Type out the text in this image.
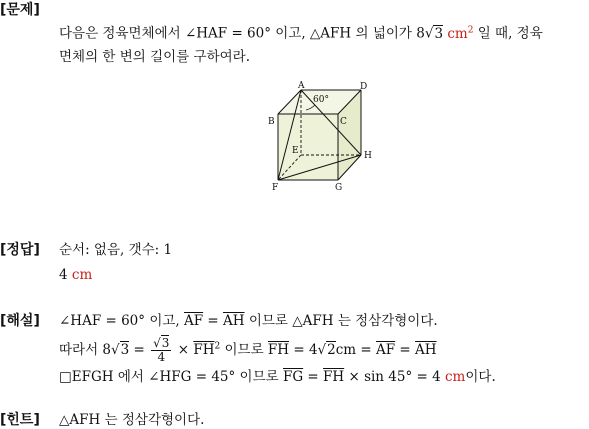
[문제]
다음은 정육면체에서 ∠HAF = 60° 이고, △AFH 의 넓이가 8√3 $cm^2$ 일 때, 정육
면체의 한 변의 길이를 구하여라.
60°
A	D
B	C
E	H
F	G
[정답] 순서: 없음, 갯수: 1
4 cm
[해설] ∠HAF = 60° 이고, $\overline{AF} = \overline{AH}$ 이므로 △AFH 는 정삼각형이다.
따라서 $8√3 = \frac{√3}{4} \times \overline{FH}^2$ 이므로 $\overline{FH} = 4√2cm = \overline{AF} = \overline{AH}$
□EFGH 에서 ∠HFG = 45° 이므로 $\overline{FG} = \overline{FH} \times \sin 45^\circ = 4$ cm이다.
[힌트] △AFH 는 정삼각형이다.
